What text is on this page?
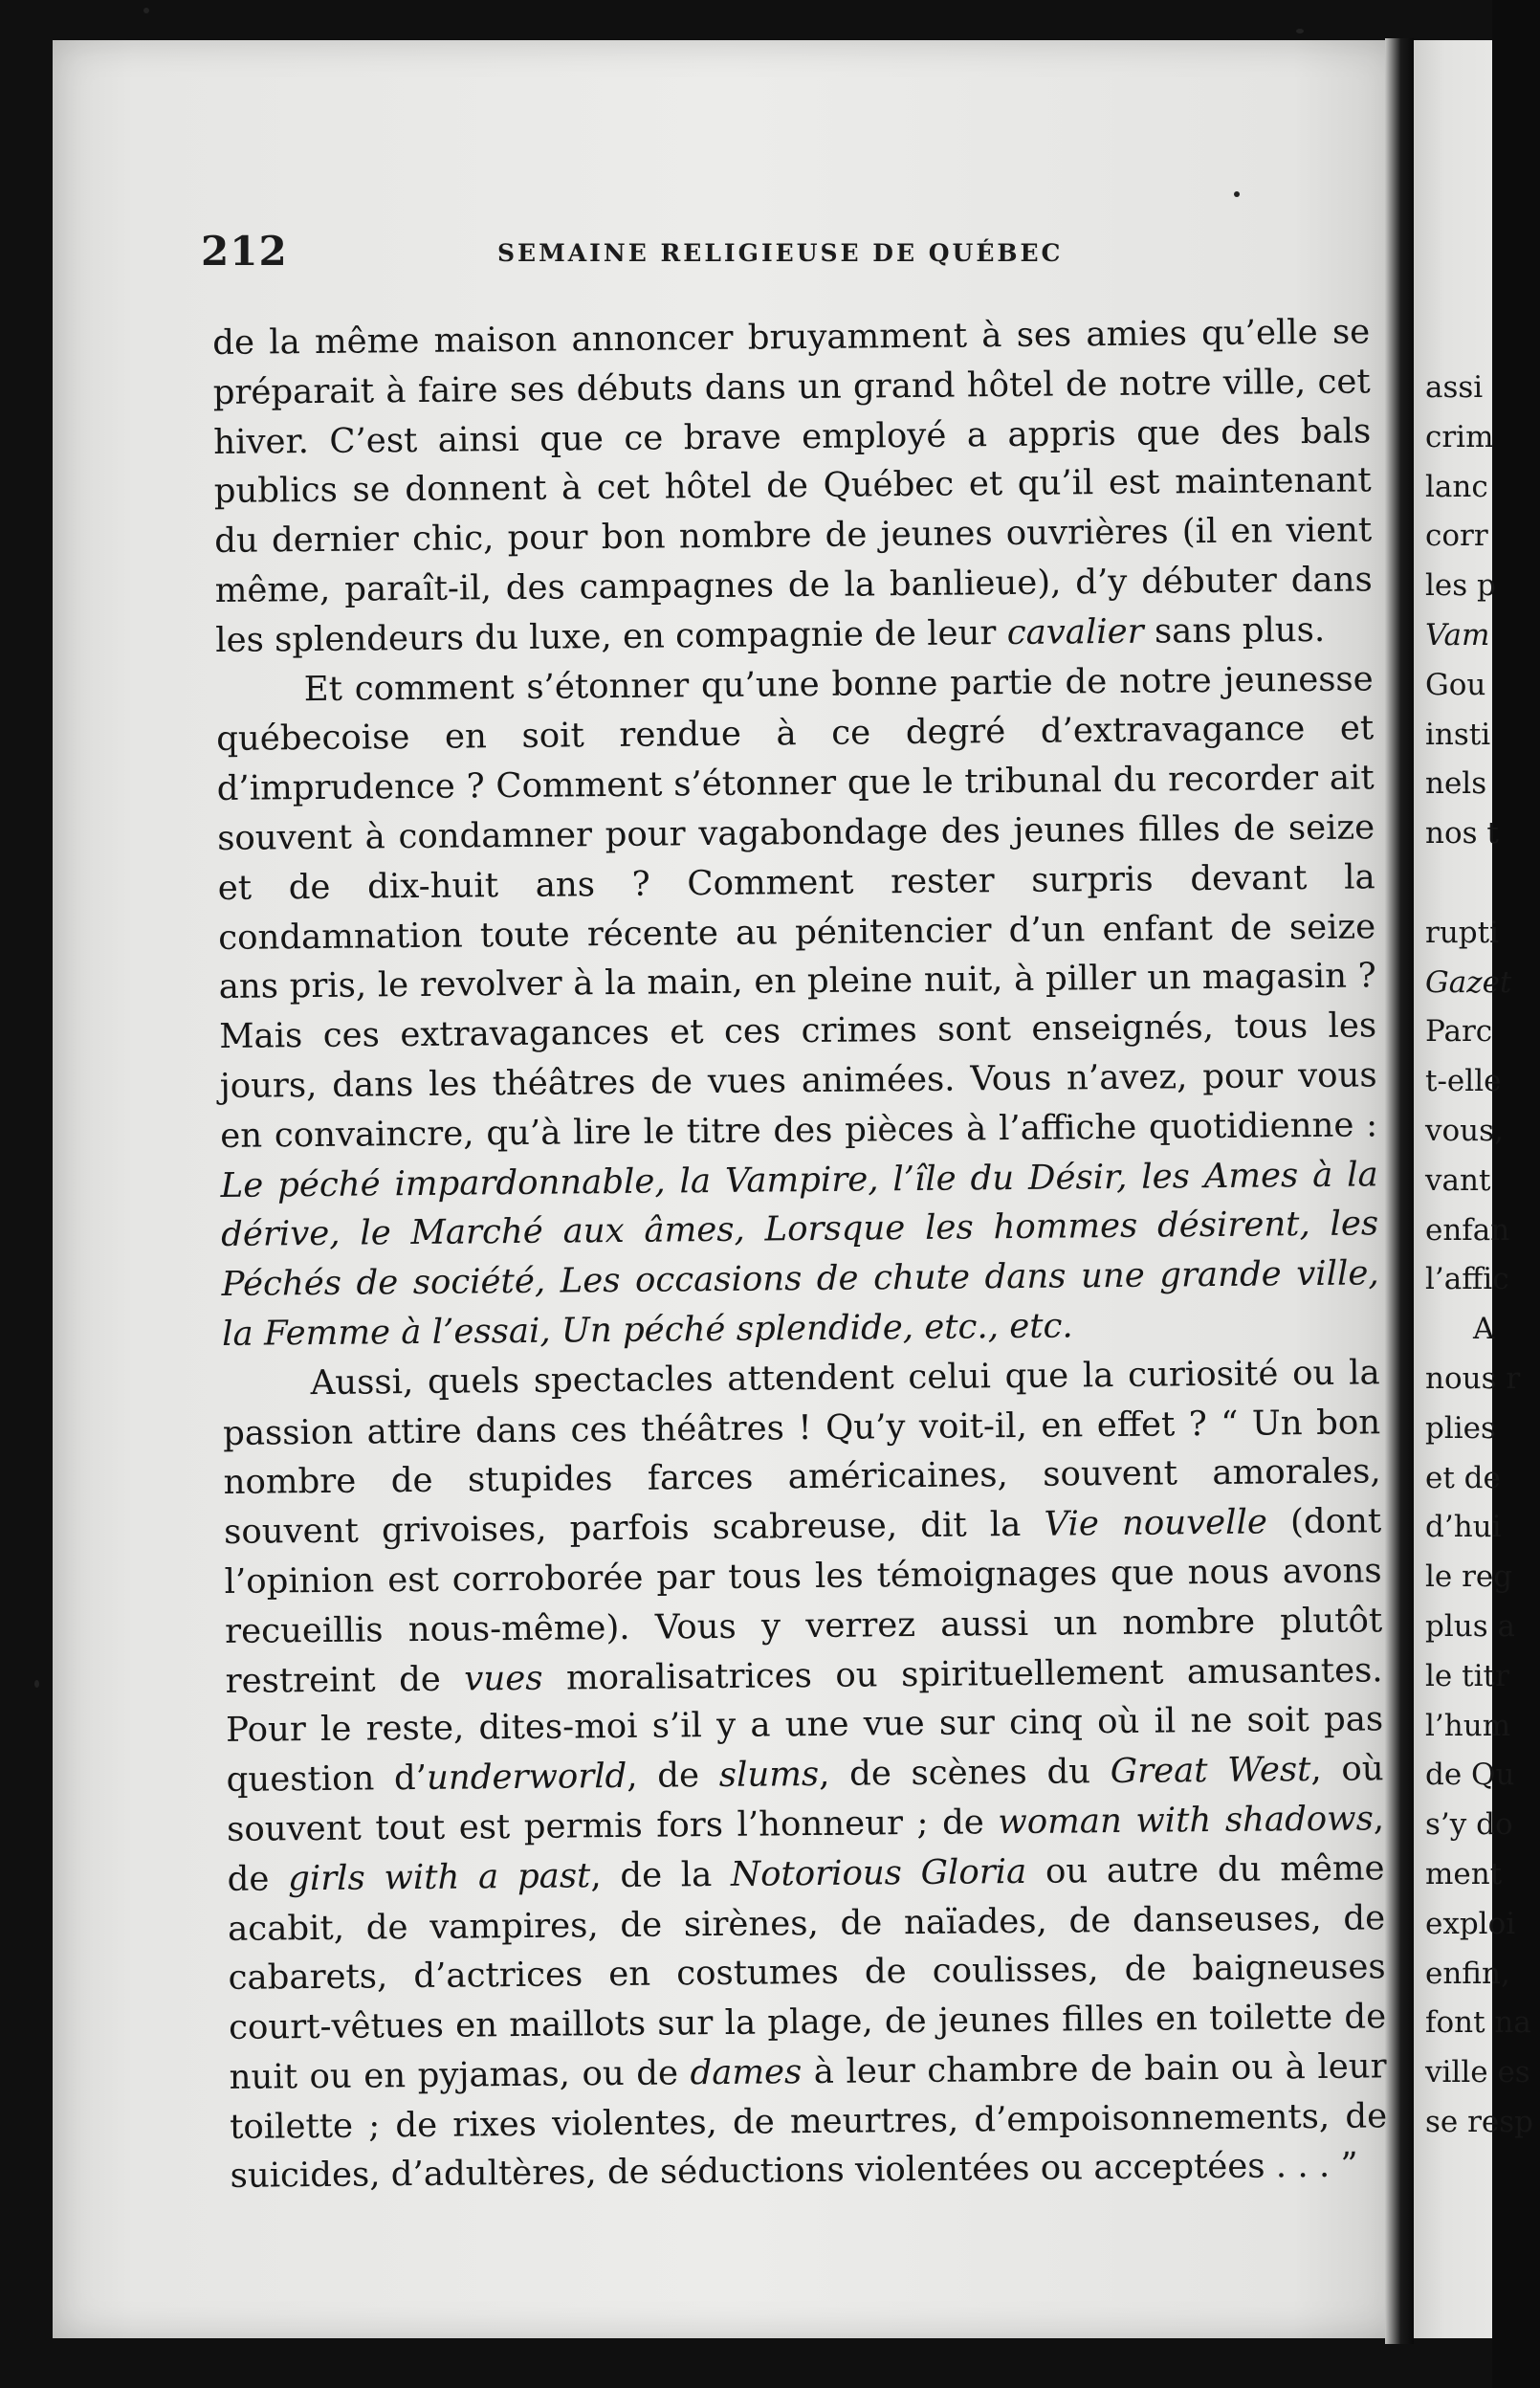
212	SEMAINE RELIGIEUSE DE QUÉBEC

de la même maison annoncer bruyamment à ses amies qu’elle se préparait à faire ses débuts dans un grand hôtel de notre ville, cet hiver. C’est ainsi que ce brave employé a appris que des bals publics se donnent à cet hôtel de Québec et qu’il est maintenant du dernier chic, pour bon nombre de jeunes ouvrières (il en vient même, paraît-il, des campagnes de la banlieue), d’y débuter dans les splendeurs du luxe, en compagnie de leur cavalier sans plus.

Et comment s’étonner qu’une bonne partie de notre jeunesse québecoise en soit rendue à ce degré d’extravagance et d’imprudence ? Comment s’étonner que le tribunal du recorder ait souvent à condamner pour vagabondage des jeunes filles de seize et de dix-huit ans ? Comment rester surpris devant la condamnation toute récente au pénitencier d’un enfant de seize ans pris, le revolver à la main, en pleine nuit, à piller un magasin ? Mais ces extravagances et ces crimes sont enseignés, tous les jours, dans les théâtres de vues animées. Vous n’avez, pour vous en convaincre, qu’à lire le titre des pièces à l’affiche quotidienne : Le péché impardonnable, la Vampire, l’île du Désir, les Ames à la dérive, le Marché aux âmes, Lorsque les hommes désirent, les Péchés de société, Les occasions de chute dans une grande ville, la Femme à l’essai, Un péché splendide, etc., etc.

Aussi, quels spectacles attendent celui que la curiosité ou la passion attire dans ces théâtres ! Qu’y voit-il, en effet ? “ Un bon nombre de stupides farces américaines, souvent amorales, souvent grivoises, parfois scabreuse, dit la Vie nouvelle (dont l’opinion est corroborée par tous les témoignages que nous avons recueillis nous-même). Vous y verrez aussi un nombre plutôt restreint de vues moralisatrices ou spirituellement amusantes. Pour le reste, dites-moi s’il y a une vue sur cinq où il ne soit pas question d’underworld, de slums, de scènes du Great West, où souvent tout est permis fors l’honneur ; de woman with shadows, de girls with a past, de la Notorious Gloria ou autre du même acabit, de vampires, de sirènes, de naïades, de danseuses, de cabarets, d’actrices en costumes de coulisses, de baigneuses court-vêtues en maillots sur la plage, de jeunes filles en toilette de nuit ou en pyjamas, ou de dames à leur chambre de bain ou à leur toilette ; de rixes violentes, de meurtres, d’empoisonnements, de suicides, d’adultères, de séductions violentées ou acceptées . . . ”

assi
crim
lanc
corr
les p
Vam
Gou
insti
nels
nos t
rupti
Gazet
Parc
t-elle
vous,
vant
enfan
l’affic
A
nous r
plies
et de
d’hui
le reg
plus a
le titr
l’hum
de Qu
s’y do
ment
exploi
enfin,
font na
ville es
se resp
